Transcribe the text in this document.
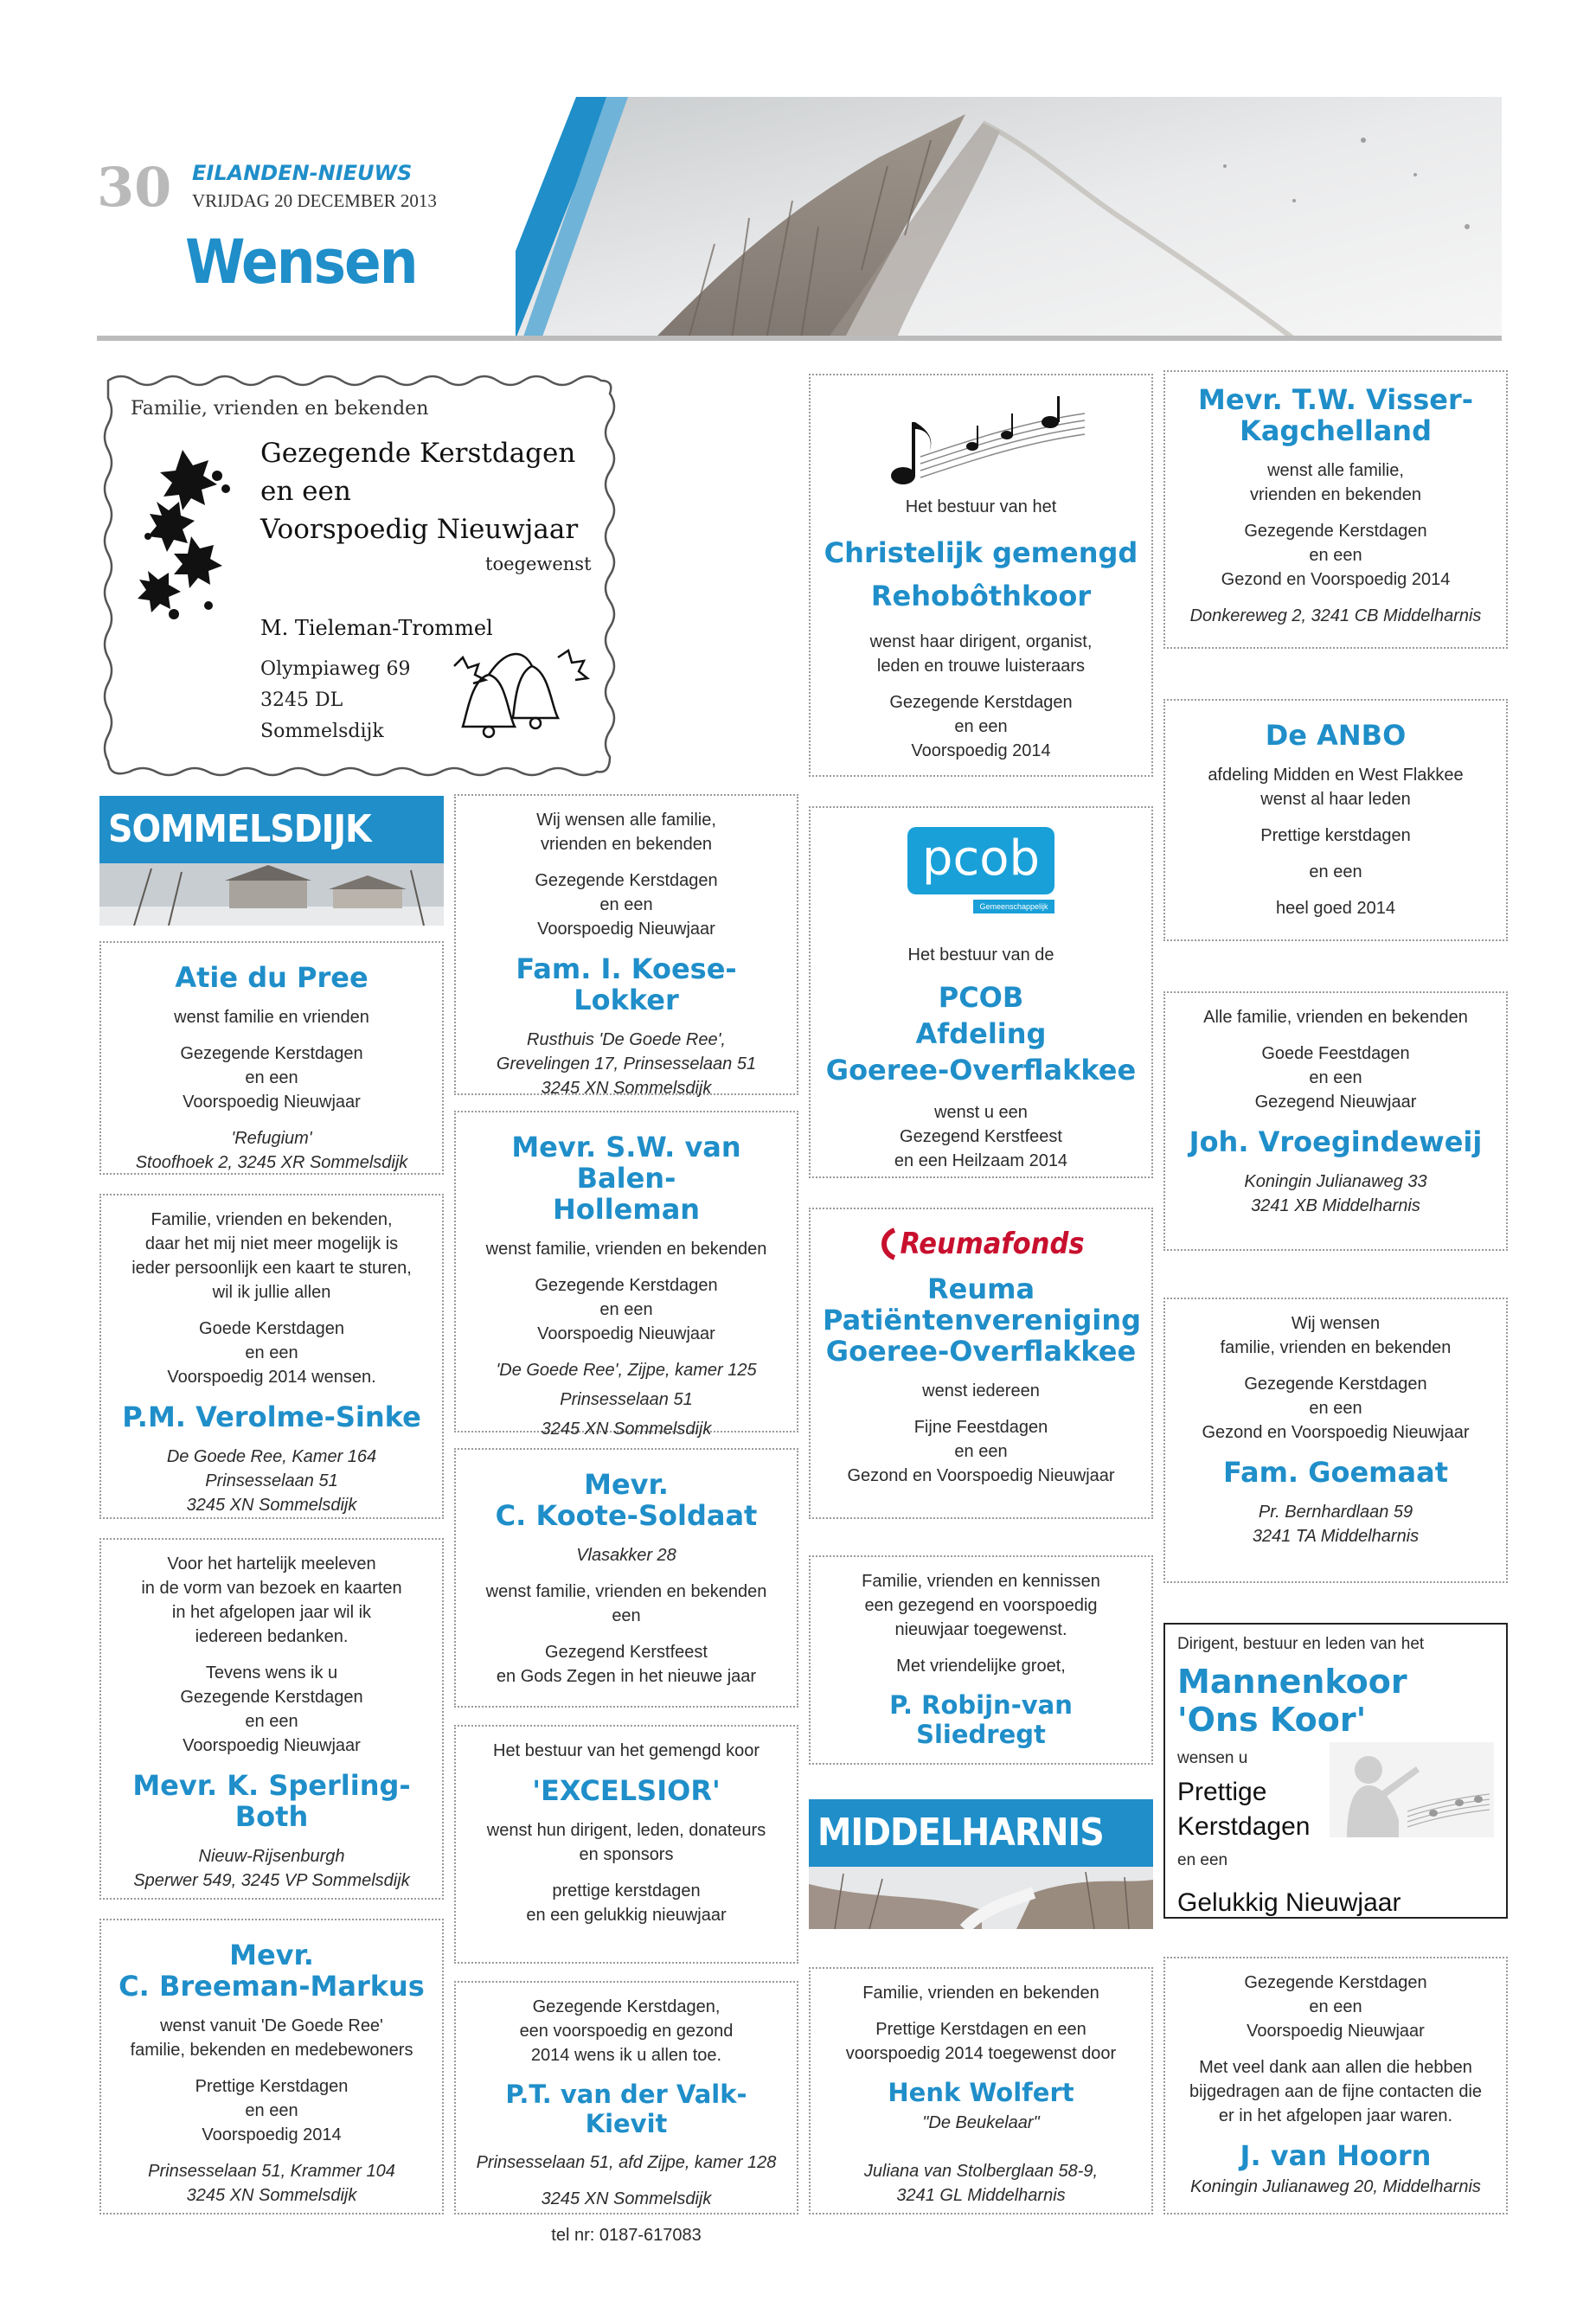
30 EILANDEN-NIEUWS
VRIJDAG 20 DECEMBER 2013
Wensen
Familie, vrienden en bekenden
Gezegende Kerstdagen
en een
Voorspoedig Nieuwjaar
toegewenst
M. Tieleman-Trommel
Olympiaweg 69
3245 DL
Sommelsdijk
SOMMELSDIJK
Atie du Pree
wenst familie en vrienden
Gezegende Kerstdagen
en een
Voorspoedig Nieuwjaar
'Refugium'
Stoofhoek 2, 3245 XR Sommelsdijk
Familie, vrienden en bekenden,
daar het mij niet meer mogelijk is
ieder persoonlijk een kaart te sturen,
wil ik jullie allen
Goede Kerstdagen
en een
Voorspoedig 2014 wensen.
P.M. Verolme-Sinke
De Goede Ree, Kamer 164
Prinsesselaan 51
3245 XN Sommelsdijk
Voor het hartelijk meeleven
in de vorm van bezoek en kaarten
in het afgelopen jaar wil ik
iedereen bedanken.
Tevens wens ik u
Gezegende Kerstdagen
en een
Voorspoedig Nieuwjaar
Mevr. K. Sperling-Both
Nieuw-Rijsenburgh
Sperwer 549, 3245 VP Sommelsdijk
Mevr.
C. Breeman-Markus
wenst vanuit 'De Goede Ree'
familie, bekenden en medebewoners
Prettige Kerstdagen
en een
Voorspoedig 2014
Prinsesselaan 51, Krammer 104
3245 XN Sommelsdijk
Wij wensen alle familie,
vrienden en bekenden
Gezegende Kerstdagen
en een
Voorspoedig Nieuwjaar
Fam. I. Koese-Lokker
Rusthuis 'De Goede Ree',
Grevelingen 17, Prinsesselaan 51
3245 XN Sommelsdijk
Mevr. S.W. van Balen-
Holleman
wenst familie, vrienden en bekenden
Gezegende Kerstdagen
en een
Voorspoedig Nieuwjaar
'De Goede Ree', Zijpe, kamer 125
Prinsesselaan 51
3245 XN Sommelsdijk
Mevr.
C. Koote-Soldaat
Vlasakker 28
wenst familie, vrienden en bekenden
een
Gezegend Kerstfeest
en Gods Zegen in het nieuwe jaar
Het bestuur van het gemengd koor
'EXCELSIOR'
wenst hun dirigent, leden, donateurs
en sponsors
prettige kerstdagen
en een gelukkig nieuwjaar
Gezegende Kerstdagen,
een voorspoedig en gezond
2014 wens ik u allen toe.
P.T. van der Valk-Kievit
Prinsesselaan 51, afd Zijpe, kamer 128
3245 XN Sommelsdijk
tel nr: 0187-617083
Het bestuur van het
Christelijk gemengd
Rehobôthkoor
wenst haar dirigent, organist,
leden en trouwe luisteraars
Gezegende Kerstdagen
en een
Voorspoedig 2014
pcob
Gemeenschappelijk actief
Het bestuur van de
PCOB
Afdeling
Goeree-Overflakkee
wenst u een
Gezegend Kerstfeest
en een Heilzaam 2014
Reumafonds
Reuma
Patiëntenvereniging
Goeree-Overflakkee
wenst iedereen
Fijne Feestdagen
en een
Gezond en Voorspoedig Nieuwjaar
Familie, vrienden en kennissen
een gezegend en voorspoedig
nieuwjaar toegewenst.
Met vriendelijke groet,
P. Robijn-van Sliedregt
MIDDELHARNIS
Familie, vrienden en bekenden
Prettige Kerstdagen en een
voorspoedig 2014 toegewenst door
Henk Wolfert
"De Beukelaar"

Juliana van Stolberglaan 58-9,
3241 GL Middelharnis
Mevr. T.W. Visser-
Kagchelland
wenst alle familie,
vrienden en bekenden
Gezegende Kerstdagen
en een
Gezond en Voorspoedig 2014
Donkereweg 2, 3241 CB Middelharnis
De ANBO
afdeling Midden en West Flakkee
wenst al haar leden
Prettige kerstdagen
en een
heel goed 2014
Alle familie, vrienden en bekenden
Goede Feestdagen
en een
Gezegend Nieuwjaar
Joh. Vroegindeweij
Koningin Julianaweg 33
3241 XB Middelharnis
Wij wensen
familie, vrienden en bekenden
Gezegende Kerstdagen
en een
Gezond en Voorspoedig Nieuwjaar
Fam. Goemaat
Pr. Bernhardlaan 59
3241 TA Middelharnis
Dirigent, bestuur en leden van het
Mannenkoor
'Ons Koor'
wensen u
Prettige
Kerstdagen
en een
Gelukkig Nieuwjaar
Gezegende Kerstdagen
en een
Voorspoedig Nieuwjaar
Met veel dank aan allen die hebben
bijgedragen aan de fijne contacten die
er in het afgelopen jaar waren.
J. van Hoorn
Koningin Julianaweg 20, Middelharnis
